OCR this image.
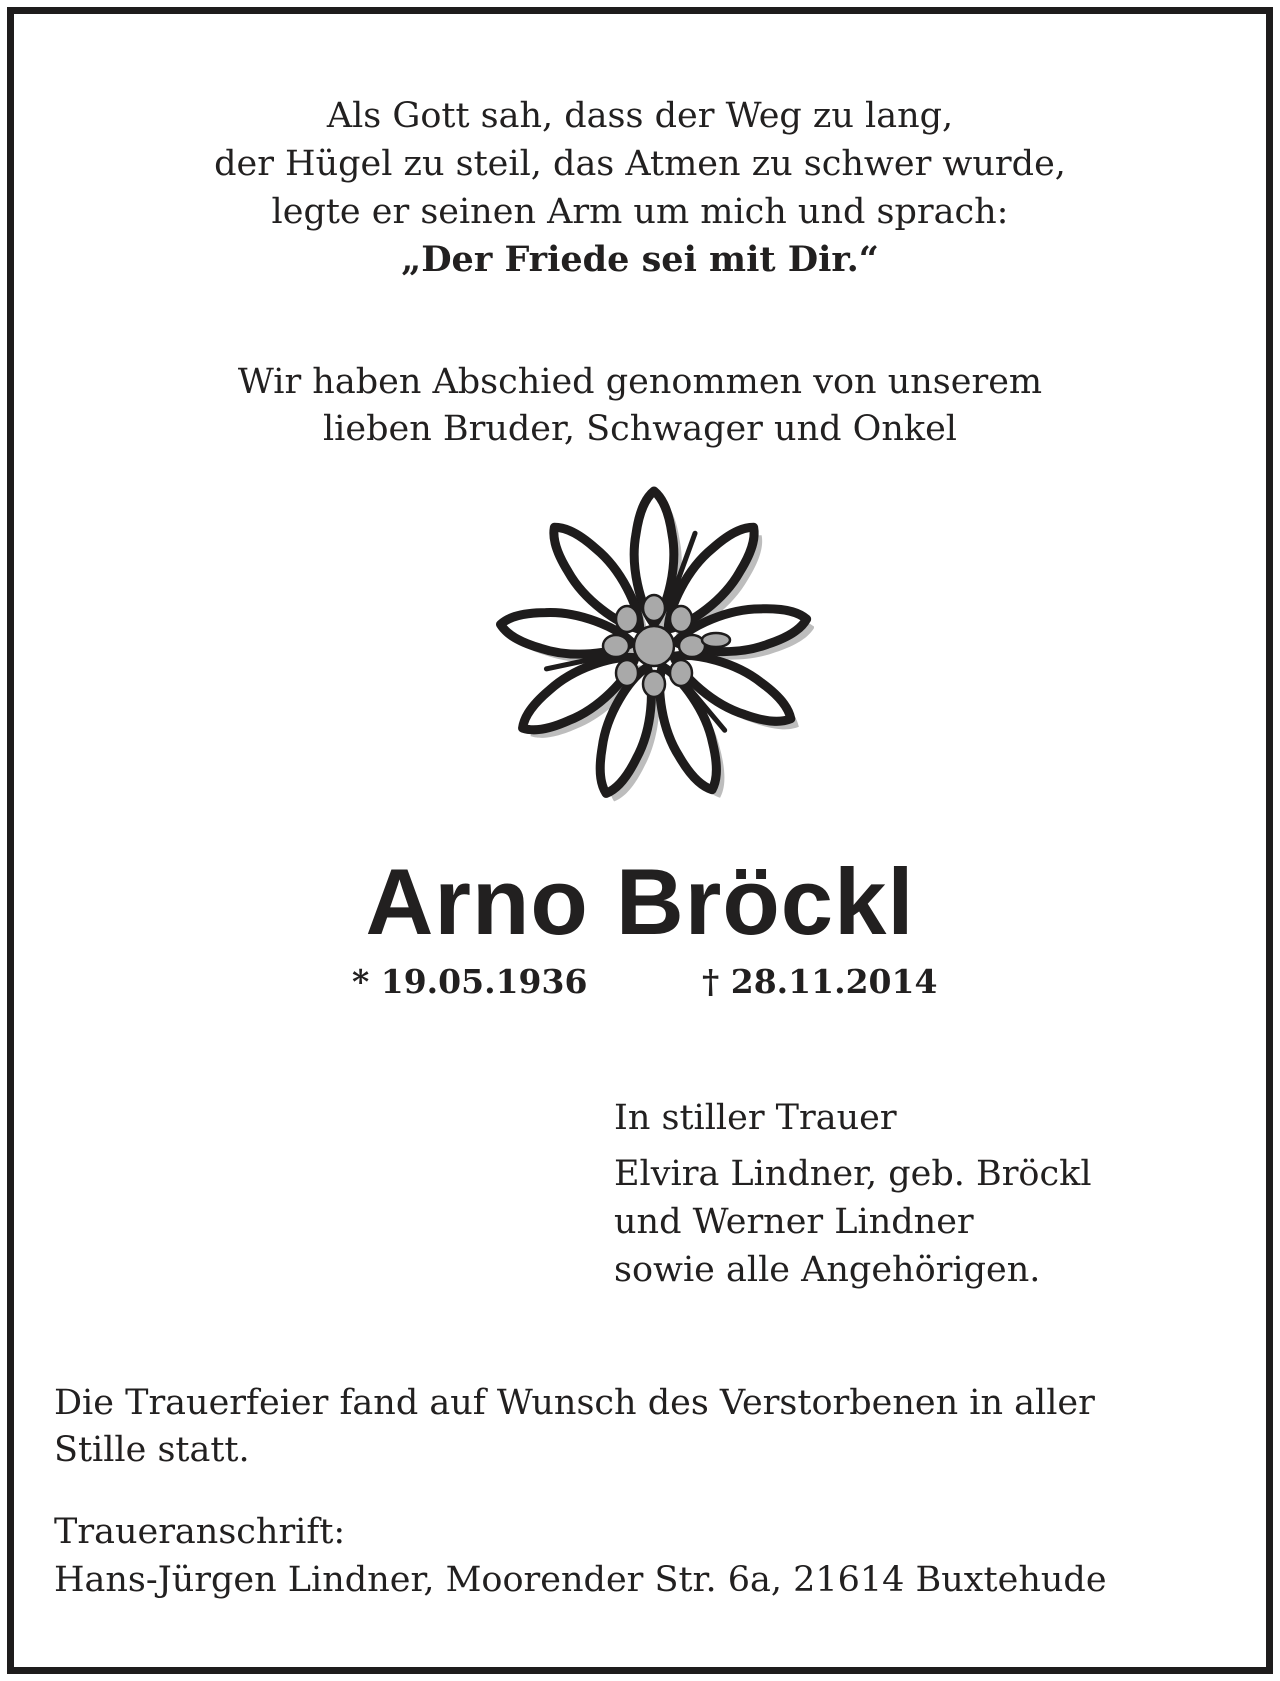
Als Gott sah, dass der Weg zu lang,
der Hügel zu steil, das Atmen zu schwer wurde,
legte er seinen Arm um mich und sprach:
„Der Friede sei mit Dir.“
Wir haben Abschied genommen von unserem
lieben Bruder, Schwager und Onkel
Arno Bröckl
* 19.05.1936	† 28.11.2014
In stiller Trauer
Elvira Lindner, geb. Bröckl
und Werner Lindner
sowie alle Angehörigen.
Die Trauerfeier fand auf Wunsch des Verstorbenen in aller
Stille statt.
Traueranschrift:
Hans-Jürgen Lindner, Moorender Str. 6a, 21614 Buxtehude
